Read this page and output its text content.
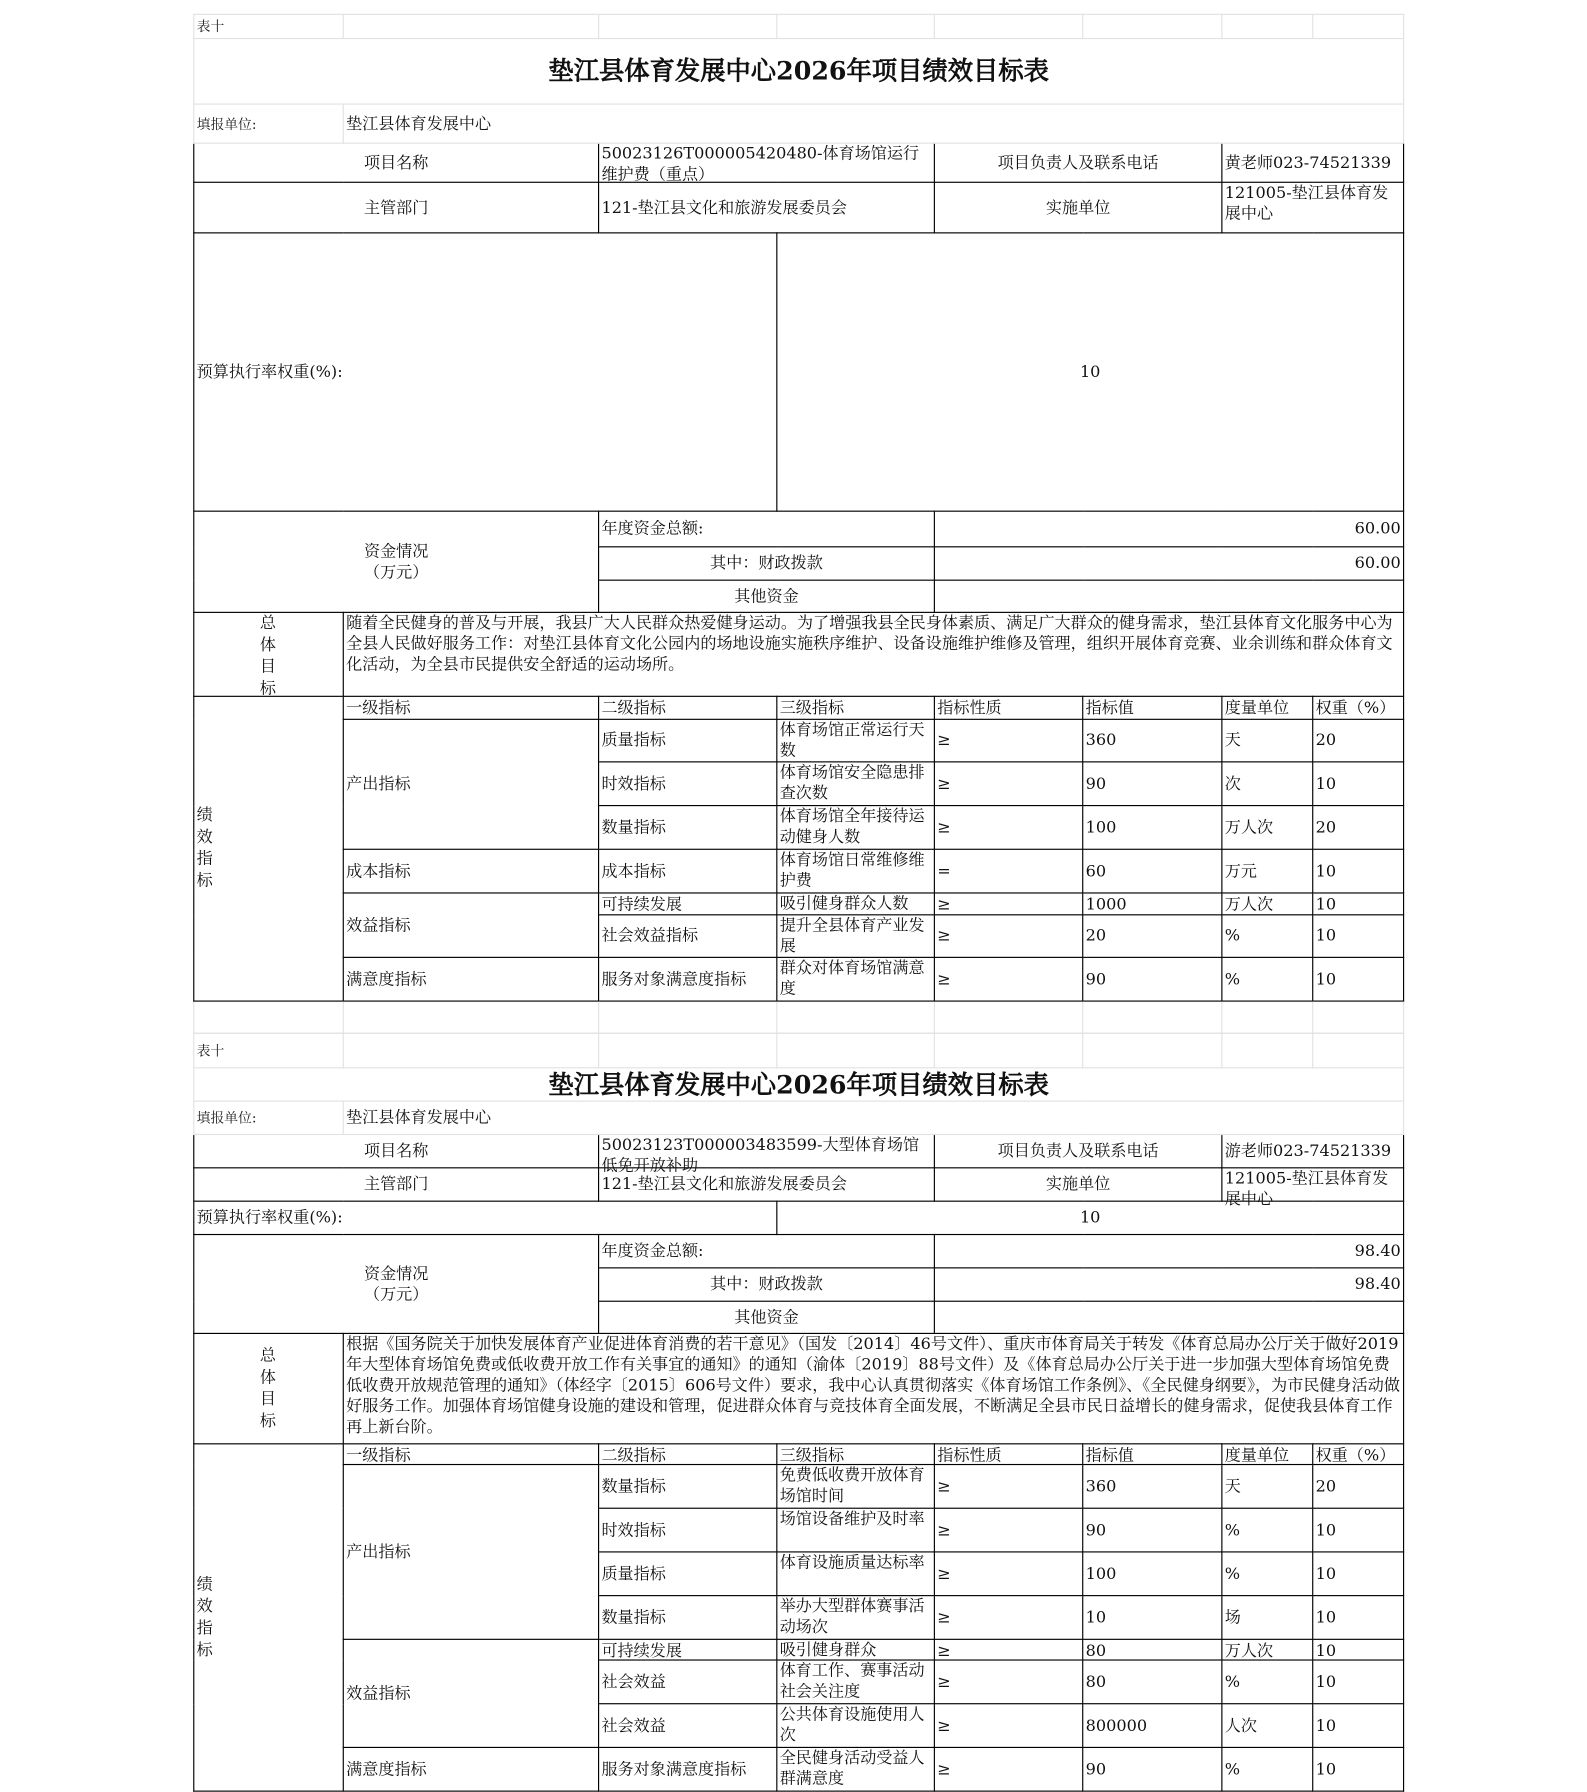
表十							

垫江县体育发展中心2026年项目绩效目标表							

填报单位:	垫江县体育发展中心						

项目名称		50023126T000005420480-体育场馆运行维护费（重点）		项目负责人及联系电话		黄老师023-74521339	

主管部门		121-垫江县文化和旅游发展委员会		实施单位		121005-垫江县体育发展中心	

预算执行率权重(%):			10				

资金情况（万元）		年度资金总额:		60.00			

		其中：财政拨款		60.00			

		其他资金					

总体目标	随着全民健身的普及与开展，我县广大人民群众热爱健身运动。为了增强我县全民身体素质、满足广大群众的健身需求，垫江县体育文化服务中心为全县人民做好服务工作：对垫江县体育文化公园内的场地设施实施秩序维护、设备设施维护维修及管理，组织开展体育竞赛、业余训练和群众体育文化活动，为全县市民提供安全舒适的运动场所。						

绩效指标	一级指标	二级指标	三级指标	指标性质	指标值	度量单位	权重（%）

	产出指标	质量指标	体育场馆正常运行天数	≥	360	天	20

		时效指标	体育场馆安全隐患排查次数	≥	90	次	10

		数量指标	体育场馆全年接待运动健身人数	≥	100	万人次	20

	成本指标	成本指标	体育场馆日常维修维护费	=	60	万元	10

	效益指标	可持续发展	吸引健身群众人数	≥	1000	万人次	10

		社会效益指标	提升全县体育产业发展	≥	20	%	10

	满意度指标	服务对象满意度指标	群众对体育场馆满意度	≥	90	%	10

表十							

垫江县体育发展中心2026年项目绩效目标表							

填报单位:	垫江县体育发展中心						

项目名称		50023123T000003483599-大型体育场馆低免开放补助		项目负责人及联系电话		游老师023-74521339	

主管部门		121-垫江县文化和旅游发展委员会		实施单位		121005-垫江县体育发展中心	

预算执行率权重(%):			10				

资金情况（万元）		年度资金总额:		98.40			

		其中：财政拨款		98.40			

		其他资金					

总体目标	根据《国务院关于加快发展体育产业促进体育消费的若干意见》（国发〔2014〕46号文件）、重庆市体育局关于转发《体育总局办公厅关于做好2019年大型体育场馆免费或低收费开放工作有关事宜的通知》的通知（渝体〔2019〕88号文件）及《体育总局办公厅关于进一步加强大型体育场馆免费低收费开放规范管理的通知》（体经字〔2015〕606号文件）要求，我中心认真贯彻落实《体育场馆工作条例》、《全民健身纲要》，为市民健身活动做好服务工作。加强体育场馆健身设施的建设和管理，促进群众体育与竞技体育全面发展，不断满足全县市民日益增长的健身需求，促使我县体育工作再上新台阶。						

绩效指标	一级指标	二级指标	三级指标	指标性质	指标值	度量单位	权重（%）

	产出指标	数量指标	免费低收费开放体育场馆时间	≥	360	天	20

		时效指标	场馆设备维护及时率	≥	90	%	10

		质量指标	体育设施质量达标率	≥	100	%	10

		数量指标	举办大型群体赛事活动场次	≥	10	场	10

	效益指标	可持续发展	吸引健身群众	≥	80	万人次	10

		社会效益	体育工作、赛事活动社会关注度	≥	80	%	10

		社会效益	公共体育设施使用人次	≥	800000	人次	10

	满意度指标	服务对象满意度指标	全民健身活动受益人群满意度	≥	90	%	10
